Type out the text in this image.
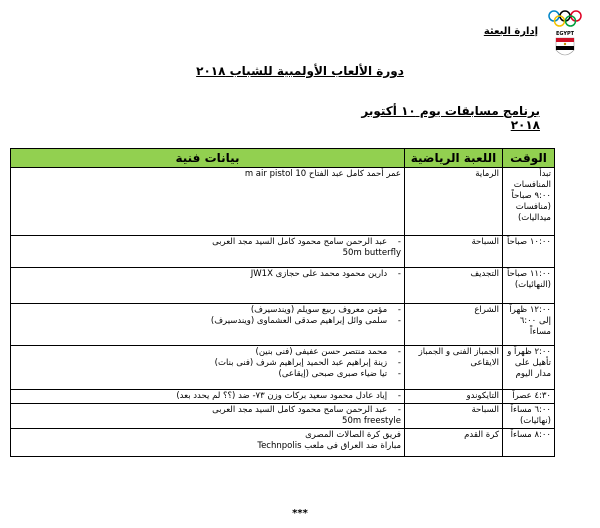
EGYPT
إدارة البعثة
دورة الألعاب الأولمبية للشباب ٢٠١٨
برنامج مسابقات يوم ١٠ أكتوبر ٢٠١٨
الوقت	اللعبة الرياضية	بيانات فنية
تبدأ المنافسات ٩:٠٠ صباحاً (منافسات ميداليات)	الرماية	عمر أحمد كامل عبد الفتاح 10 m air pistol

١٠:٠٠ صباحاً	السباحة	- عبد الرحمن سامح محمود كامل السيد مجد العربى
50m butterfly

١١:٠٠ صباحاً (النهائيات)	التجديف	- دارين محمود محمد على حجازى JW1X

١٢:٠٠ ظهراً إلى ٦:٠٠ مساءاً	الشراع	- مؤمن معروف ربيع سويلم (ويندسيرف)
- سلمى وائل إبراهيم صدقى العشماوى (ويندسيرف)

٢:٠٠ ظهراً و تأهيل على مدار اليوم	الجمباز الفنى و الجمباز الايقاعى	- محمد منتصر حسن عفيفى (فنى بنين)
- زينة إبراهيم عبد الحميد إبراهيم شرف (فنى بنات)
- تيا ضياء صبرى صبحى (إيقاعى)

٤:٣٠ عصراً	التايكوندو	- إياد عادل محمود سعيد بركات وزن ٧٣- ضد (؟؟ لم يحدد بعد)

٦:٠٠ مساءاً (نهائيات)	السباحة	- عبد الرحمن سامح محمود كامل السيد مجد العربى
50m freestyle

٨:٠٠ مساءاً	كرة القدم	فريق كرة الصالات المصرى
مباراة ضد العراق فى ملعب Technpolis
***
